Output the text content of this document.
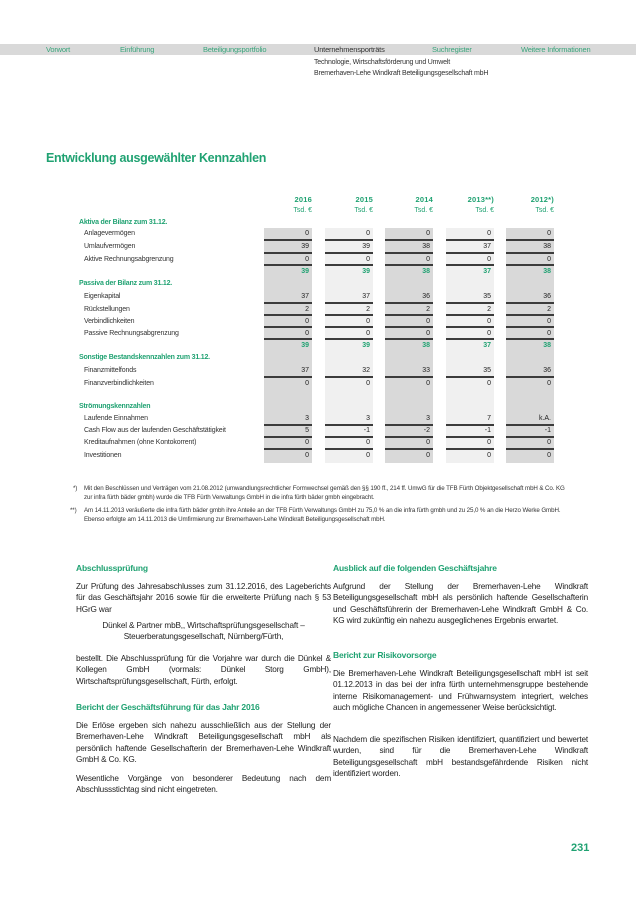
Vorwort	Einführung	Beteiligungsportfolio	Unternehmensporträts	Suchregister	Weitere Informationen
Technologie, Wirtschaftsförderung und Umwelt
Bremerhaven-Lehe Windkraft Beteiligungsgesellschaft mbH
Entwicklung ausgewählter Kennzahlen
2016	2015	2014	2013**)	2012*)
Tsd. €	Tsd. €	Tsd. €	Tsd. €	Tsd. €
Aktiva der Bilanz zum 31.12.
Anlagevermögen	0	0	0	0	0
Umlaufvermögen	39	39	38	37	38
Aktive Rechnungsabgrenzung	0	0	0	0	0
39	39	38	37	38
Passiva der Bilanz zum 31.12.
Eigenkapital	37	37	36	35	36
Rückstellungen	2	2	2	2	2
Verbindlichkeiten	0	0	0	0	0
Passive Rechnungsabgrenzung	0	0	0	0	0
39	39	38	37	38
Sonstige Bestandskennzahlen zum 31.12.
Finanzmittelfonds	37	32	33	35	36
Finanzverbindlichkeiten	0	0	0	0	0
Strömungskennzahlen
Laufende Einnahmen	3	3	3	7	k.A.
Cash Flow aus der laufenden Geschäftstätigkeit	5	-1	-2	-1	-1
Kreditaufnahmen (ohne Kontokorrent)	0	0	0	0	0
Investitionen	0	0	0	0	0
*) Mit den Beschlüssen und Verträgen vom 21.08.2012 (umwandlungsrechtlicher Formwechsel gemäß den §§ 190 ff., 214 ff. UmwG für die TFB Fürth Objektgesellschaft mbH & Co. KG zur infra fürth bäder gmbh) wurde die TFB Fürth Verwaltungs GmbH in die infra fürth bäder gmbh eingebracht.
**) Am 14.11.2013 veräußerte die infra fürth bäder gmbh ihre Anteile an der TFB Fürth Verwaltungs GmbH zu 75,0 % an die infra fürth gmbh und zu 25,0 % an die Herzo Werke GmbH. Ebenso erfolgte am 14.11.2013 die Umfirmierung zur Bremerhaven-Lehe Windkraft Beteiligungsgesellschaft mbH.
Abschlussprüfung
Zur Prüfung des Jahresabschlusses zum 31.12.2016, des Lageberichts für das Geschäftsjahr 2016 sowie für die erweiterte Prüfung nach § 53 HGrG war
Dünkel & Partner mbB,, Wirtschaftsprüfungsgesellschaft – Steuerberatungsgesellschaft, Nürnberg/Fürth,
bestellt. Die Abschlussprüfung für die Vorjahre war durch die Dünkel & Kollegen GmbH (vormals: Dünkel Storg GmbH), Wirtschaftsprüfungsgesellschaft, Fürth, erfolgt.
Bericht der Geschäftsführung für das Jahr 2016
Die Erlöse ergeben sich nahezu ausschließlich aus der Stellung der Bremerhaven-Lehe Windkraft Beteiligungsgesellschaft mbH als persönlich haftende Gesellschafterin der Bremerhaven-Lehe Windkraft GmbH & Co. KG.
Wesentliche Vorgänge von besonderer Bedeutung nach dem Abschlussstichtag sind nicht eingetreten.
Ausblick auf die folgenden Geschäftsjahre
Aufgrund der Stellung der Bremerhaven-Lehe Windkraft Beteiligungsgesellschaft mbH als persönlich haftende Gesellschafterin und Geschäftsführerin der Bremerhaven-Lehe Windkraft GmbH & Co. KG wird zukünftig ein nahezu ausgeglichenes Ergebnis erwartet.
Bericht zur Risikovorsorge
Die Bremerhaven-Lehe Windkraft Beteiligungsgesellschaft mbH ist seit 01.12.2013 in das bei der infra fürth unternehmensgruppe bestehende interne Risikomanagement- und Frühwarnsystem integriert, welches auch mögliche Chancen in angemessener Weise berücksichtigt.
Nachdem die spezifischen Risiken identifiziert, quantifiziert und bewertet wurden, sind für die Bremerhaven-Lehe Windkraft Beteiligungsgesellschaft mbH bestandsgefährdende Risiken nicht identifiziert worden.
231
